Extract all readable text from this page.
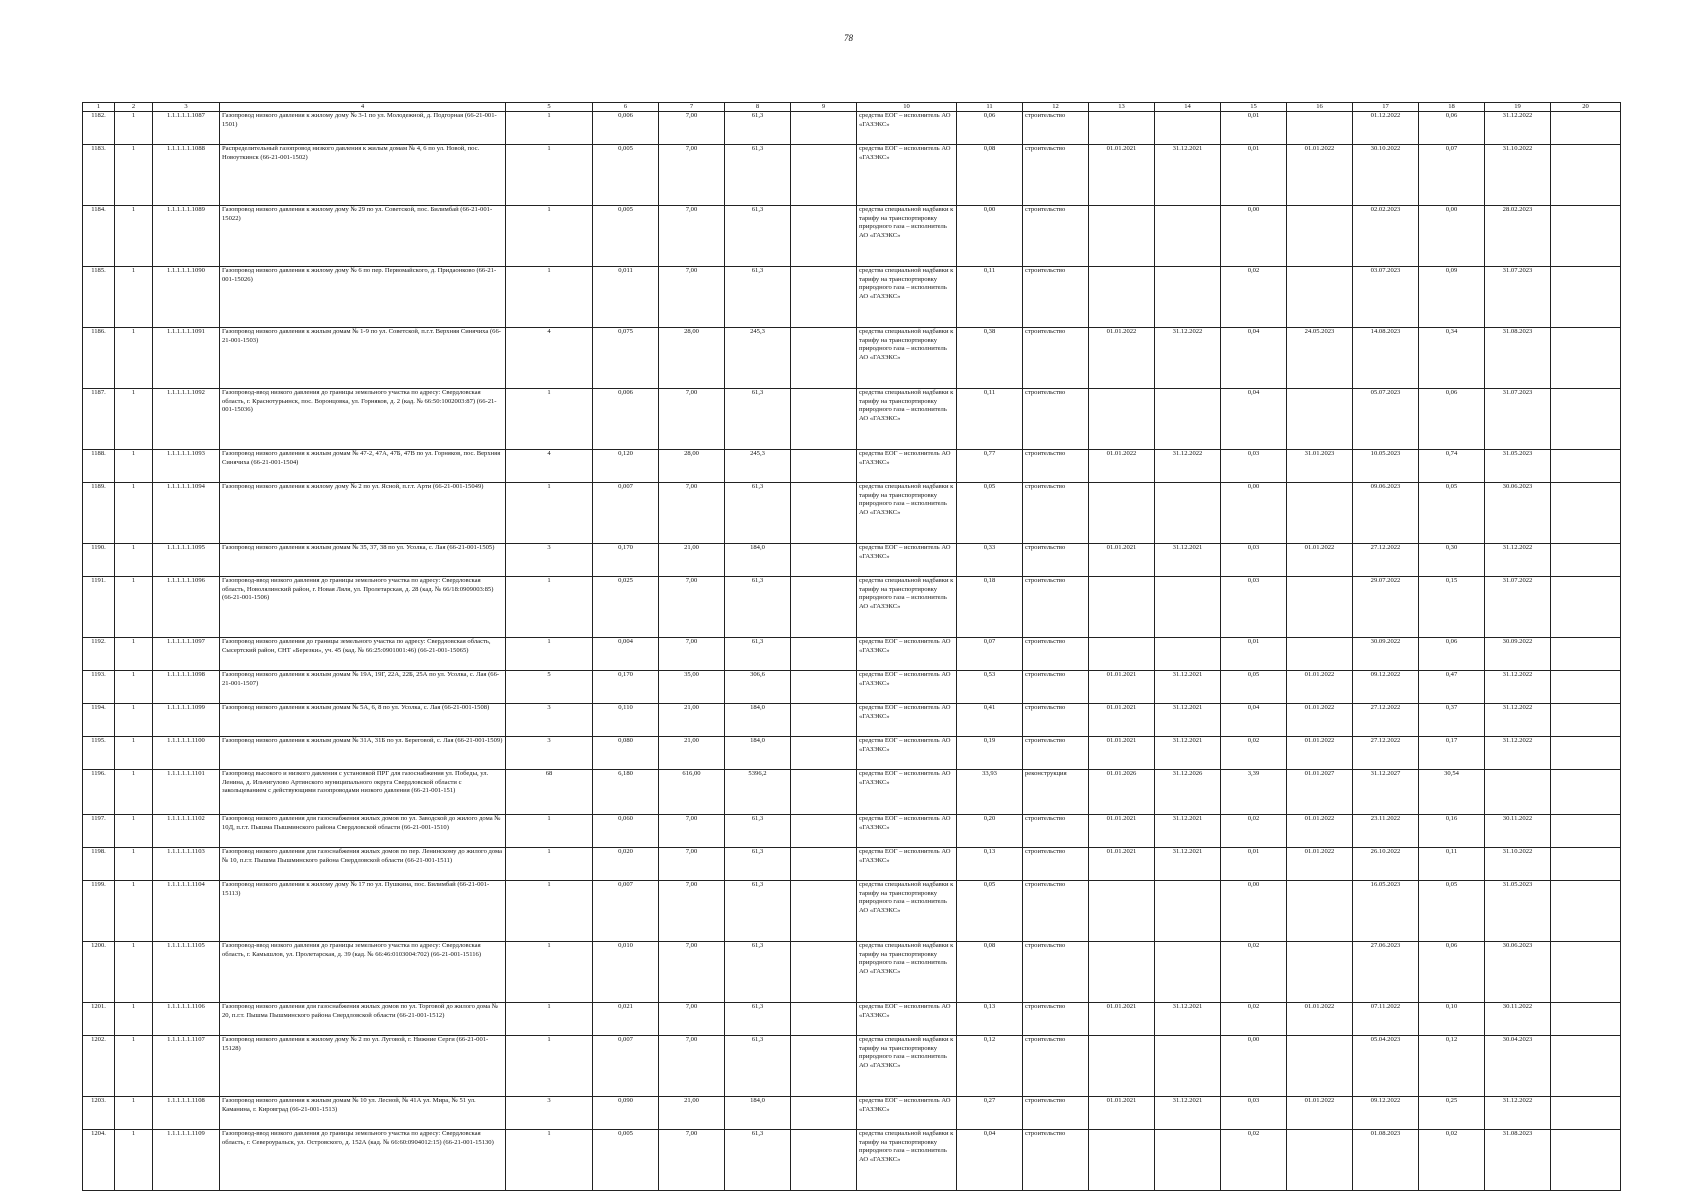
78
1	2	3	4	5	6	7	8	9	10	11	12	13	14	15	16	17	18	19	20
1182.	1	1.1.1.1.1.1087	Газопровод низкого давления к жилому дому № 3-1 по ул. Молодежной, д. Подгорная (66-21-001-1501)	1	0,006	7,00	61,3		средства ЕОГ – исполнитель АО «ГАЗЭКС»	0,06	строительство			0,01		01.12.2022	0,06	31.12.2022	
1183.	1	1.1.1.1.1.1088	Распределительный газопровод низкого давления к жилым домам № 4, 6 по ул. Новой, пос. Новоуткинск (66-21-001-1502)	1	0,005	7,00	61,3		средства ЕОГ – исполнитель АО «ГАЗЭКС»	0,08	строительство	01.01.2021	31.12.2021	0,01	01.01.2022	30.10.2022	0,07	31.10.2022	
1184.	1	1.1.1.1.1.1089	Газопровод низкого давления к жилому дому № 29 по ул. Советской, пос. Билимбай (66-21-001-15022)	1	0,005	7,00	61,3		средства специальной надбавки к тарифу на транспортировку природного газа – исполнитель АО «ГАЗЭКС»	0,00	строительство			0,00		02.02.2023	0,00	28.02.2023	
1185.	1	1.1.1.1.1.1090	Газопровод низкого давления к жилому дому № 6 по пер. Первомайского, д. Придаонково (66-21-001-15026)	1	0,011	7,00	61,3		средства специальной надбавки к тарифу на транспортировку природного газа – исполнитель АО «ГАЗЭКС»	0,11	строительство			0,02		03.07.2023	0,09	31.07.2023	
1186.	1	1.1.1.1.1.1091	Газопровод низкого давления к жилым домам № 1-9 по ул. Советской, п.г.т. Верхняя Синячиха (66-21-001-1503)	4	0,075	28,00	245,3		средства специальной надбавки к тарифу на транспортировку природного газа – исполнитель АО «ГАЗЭКС»	0,38	строительство	01.01.2022	31.12.2022	0,04	24.05.2023	14.08.2023	0,34	31.08.2023	
1187.	1	1.1.1.1.1.1092	Газопровод-ввод низкого давления до границы земельного участка по адресу: Свердловская область, г. Краснотурьинск, пос. Воронцовка, ул. Горняков, д. 2 (кад. № 66:50:1002003:87) (66-21-001-15036)	1	0,006	7,00	61,3		средства специальной надбавки к тарифу на транспортировку природного газа – исполнитель АО «ГАЗЭКС»	0,11	строительство			0,04		05.07.2023	0,06	31.07.2023	
1188.	1	1.1.1.1.1.1093	Газопровод низкого давления к жилым домам № 47-2, 47А, 47Б, 47В по ул. Горняков, пос. Верхняя Синячиха (66-21-001-1504)	4	0,120	28,00	245,3		средства ЕОГ – исполнитель АО «ГАЗЭКС»	0,77	строительство	01.01.2022	31.12.2022	0,03	31.01.2023	10.05.2023	0,74	31.05.2023	
1189.	1	1.1.1.1.1.1094	Газопровод низкого давления к жилому дому № 2 по ул. Ясной, п.г.т. Арти (66-21-001-15049)	1	0,007	7,00	61,3		средства специальной надбавки к тарифу на транспортировку природного газа – исполнитель АО «ГАЗЭКС»	0,05	строительство			0,00		09.06.2023	0,05	30.06.2023	
1190.	1	1.1.1.1.1.1095	Газопровод низкого давления к жилым домам № 35, 37, 38 по ул. Усолка, с. Лая (66-21-001-1505)	3	0,170	21,00	184,0		средства ЕОГ – исполнитель АО «ГАЗЭКС»	0,33	строительство	01.01.2021	31.12.2021	0,03	01.01.2022	27.12.2022	0,30	31.12.2022	
1191.	1	1.1.1.1.1.1096	Газопровод-ввод низкого давления до границы земельного участка по адресу: Свердловская область, Новолялинский район, г. Новая Ляля, ул. Пролетарская, д. 28 (кад. № 66/18:0909003:85) (66-21-001-1506)	1	0,025	7,00	61,3		средства специальной надбавки к тарифу на транспортировку природного газа – исполнитель АО «ГАЗЭКС»	0,18	строительство			0,03		29.07.2022	0,15	31.07.2022	
1192.	1	1.1.1.1.1.1097	Газопровод низкого давления до границы земельного участка по адресу: Свердловская область, Сысертский район, СНТ «Березки», уч. 45 (кад. № 66:25:0901001:46) (66-21-001-15065)	1	0,004	7,00	61,3		средства ЕОГ – исполнитель АО «ГАЗЭКС»	0,07	строительство			0,01		30.09.2022	0,06	30.09.2022	
1193.	1	1.1.1.1.1.1098	Газопровод низкого давления к жилым домам № 19А, 19Г, 22А, 22Б, 25А по ул. Усолка, с. Лая (66-21-001-1507)	5	0,170	35,00	306,6		средства ЕОГ – исполнитель АО «ГАЗЭКС»	0,53	строительство	01.01.2021	31.12.2021	0,05	01.01.2022	09.12.2022	0,47	31.12.2022	
1194.	1	1.1.1.1.1.1099	Газопровод низкого давления к жилым домам № 5А, 6, 8 по ул. Усолка, с. Лая (66-21-001-1508)	3	0,110	21,00	184,0		средства ЕОГ – исполнитель АО «ГАЗЭКС»	0,41	строительство	01.01.2021	31.12.2021	0,04	01.01.2022	27.12.2022	0,37	31.12.2022	
1195.	1	1.1.1.1.1.1100	Газопровод низкого давления к жилым домам № 31А, 31Б по ул. Береговой, с. Лая (66-21-001-1509)	3	0,080	21,00	184,0		средства ЕОГ – исполнитель АО «ГАЗЭКС»	0,19	строительство	01.01.2021	31.12.2021	0,02	01.01.2022	27.12.2022	0,17	31.12.2022	
1196.	1	1.1.1.1.1.1101	Газопровод высокого и низкого давления с установкой ПРГ для газоснабжения ул. Победы, ул. Ленина, д. Ильчигулово Артинского муниципального округа Свердловской области с закольцеванием с действующими газопроводами низкого давления (66-21-001-151)	68	6,180	616,00	5396,2		средства ЕОГ – исполнитель АО «ГАЗЭКС»	33,93	реконструкция	01.01.2026	31.12.2026	3,39	01.01.2027	31.12.2027	30,54		
1197.	1	1.1.1.1.1.1102	Газопровод низкого давления для газоснабжения жилых домов по ул. Заводской до жилого дома № 10Д, п.г.т. Пышма Пышминского района Свердловской области (66-21-001-1510)	1	0,060	7,00	61,3		средства ЕОГ – исполнитель АО «ГАЗЭКС»	0,20	строительство	01.01.2021	31.12.2021	0,02	01.01.2022	23.11.2022	0,16	30.11.2022	
1198.	1	1.1.1.1.1.1103	Газопровод низкого давления для газоснабжения жилых домов по пер. Ленинскому до жилого дома № 10, п.г.т. Пышма Пышминского района Свердловской области (66-21-001-1511)	1	0,020	7,00	61,3		средства ЕОГ – исполнитель АО «ГАЗЭКС»	0,13	строительство	01.01.2021	31.12.2021	0,01	01.01.2022	26.10.2022	0,11	31.10.2022	
1199.	1	1.1.1.1.1.1104	Газопровод низкого давления к жилому дому № 17 по ул. Пушкина, пос. Билимбай (66-21-001-15113)	1	0,007	7,00	61,3		средства специальной надбавки к тарифу на транспортировку природного газа – исполнитель АО «ГАЗЭКС»	0,05	строительство			0,00		16.05.2023	0,05	31.05.2023	
1200.	1	1.1.1.1.1.1105	Газопровод-ввод низкого давления до границы земельного участка по адресу: Свердловская область, г. Камышлов, ул. Пролетарская, д. 39 (кад. № 66:46:0103004:702) (66-21-001-15116)	1	0,010	7,00	61,3		средства специальной надбавки к тарифу на транспортировку природного газа – исполнитель АО «ГАЗЭКС»	0,08	строительство			0,02		27.06.2023	0,06	30.06.2023	
1201.	1	1.1.1.1.1.1106	Газопровод низкого давления для газоснабжения жилых домов по ул. Торговой до жилого дома № 20, п.г.т. Пышма Пышминского района Свердловской области (66-21-001-1512)	1	0,021	7,00	61,3		средства ЕОГ – исполнитель АО «ГАЗЭКС»	0,13	строительство	01.01.2021	31.12.2021	0,02	01.01.2022	07.11.2022	0,10	30.11.2022	
1202.	1	1.1.1.1.1.1107	Газопровод низкого давления к жилому дому № 2 по ул. Луговой, г. Нижние Серги (66-21-001-15128)	1	0,007	7,00	61,3		средства специальной надбавки к тарифу на транспортировку природного газа – исполнитель АО «ГАЗЭКС»	0,12	строительство			0,00		05.04.2023	0,12	30.04.2023	
1203.	1	1.1.1.1.1.1108	Газопровод низкого давления к жилым домам № 10 ул. Лесной, № 41А ул. Мира, № 51 ул. Каманина, г. Кировград (66-21-001-1513)	3	0,090	21,00	184,0		средства ЕОГ – исполнитель АО «ГАЗЭКС»	0,27	строительство	01.01.2021	31.12.2021	0,03	01.01.2022	09.12.2022	0,25	31.12.2022	
1204.	1	1.1.1.1.1.1109	Газопровод-ввод низкого давления до границы земельного участка по адресу: Свердловская область, г. Североуральск, ул. Островского, д. 152А (кад. № 66:60:0904012:15) (66-21-001-15130)	1	0,005	7,00	61,3		средства специальной надбавки к тарифу на транспортировку природного газа – исполнитель АО «ГАЗЭКС»	0,04	строительство			0,02		01.08.2023	0,02	31.08.2023	
